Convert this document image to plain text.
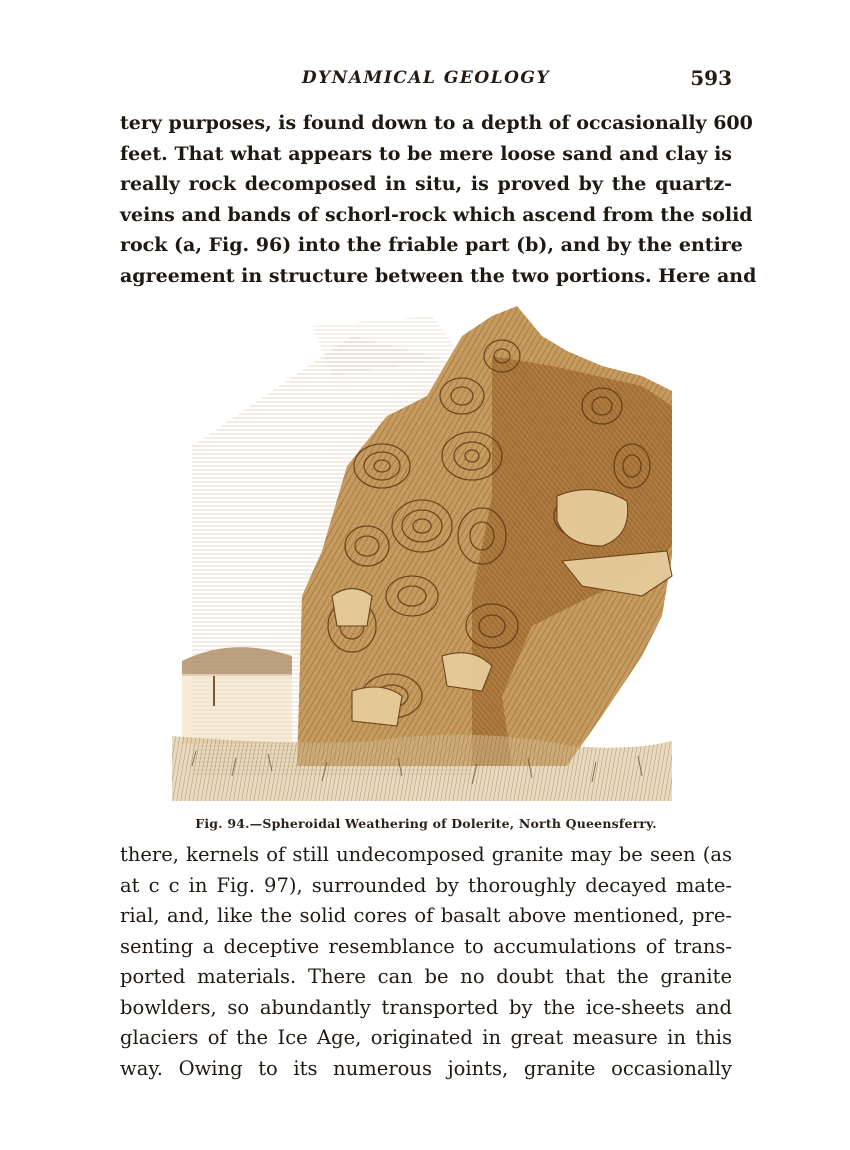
DYNAMICAL GEOLOGY	593
tery purposes, is found down to a depth of occasionally 600
feet. That what appears to be mere loose sand and clay is
really rock decomposed in situ, is proved by the quartz-
veins and bands of schorl-rock which ascend from the solid
rock (a, Fig. 96) into the friable part (b), and by the entire
agreement in structure between the two portions. Here and
Fig. 94.—Spheroidal Weathering of Dolerite, North Queensferry.
there, kernels of still undecomposed granite may be seen (as
at c c in Fig. 97), surrounded by thoroughly decayed mate-
rial, and, like the solid cores of basalt above mentioned, pre-
senting a deceptive resemblance to accumulations of trans-
ported materials. There can be no doubt that the granite
bowlders, so abundantly transported by the ice-sheets and
glaciers of the Ice Age, originated in great measure in this
way. Owing to its numerous joints, granite occasionally
